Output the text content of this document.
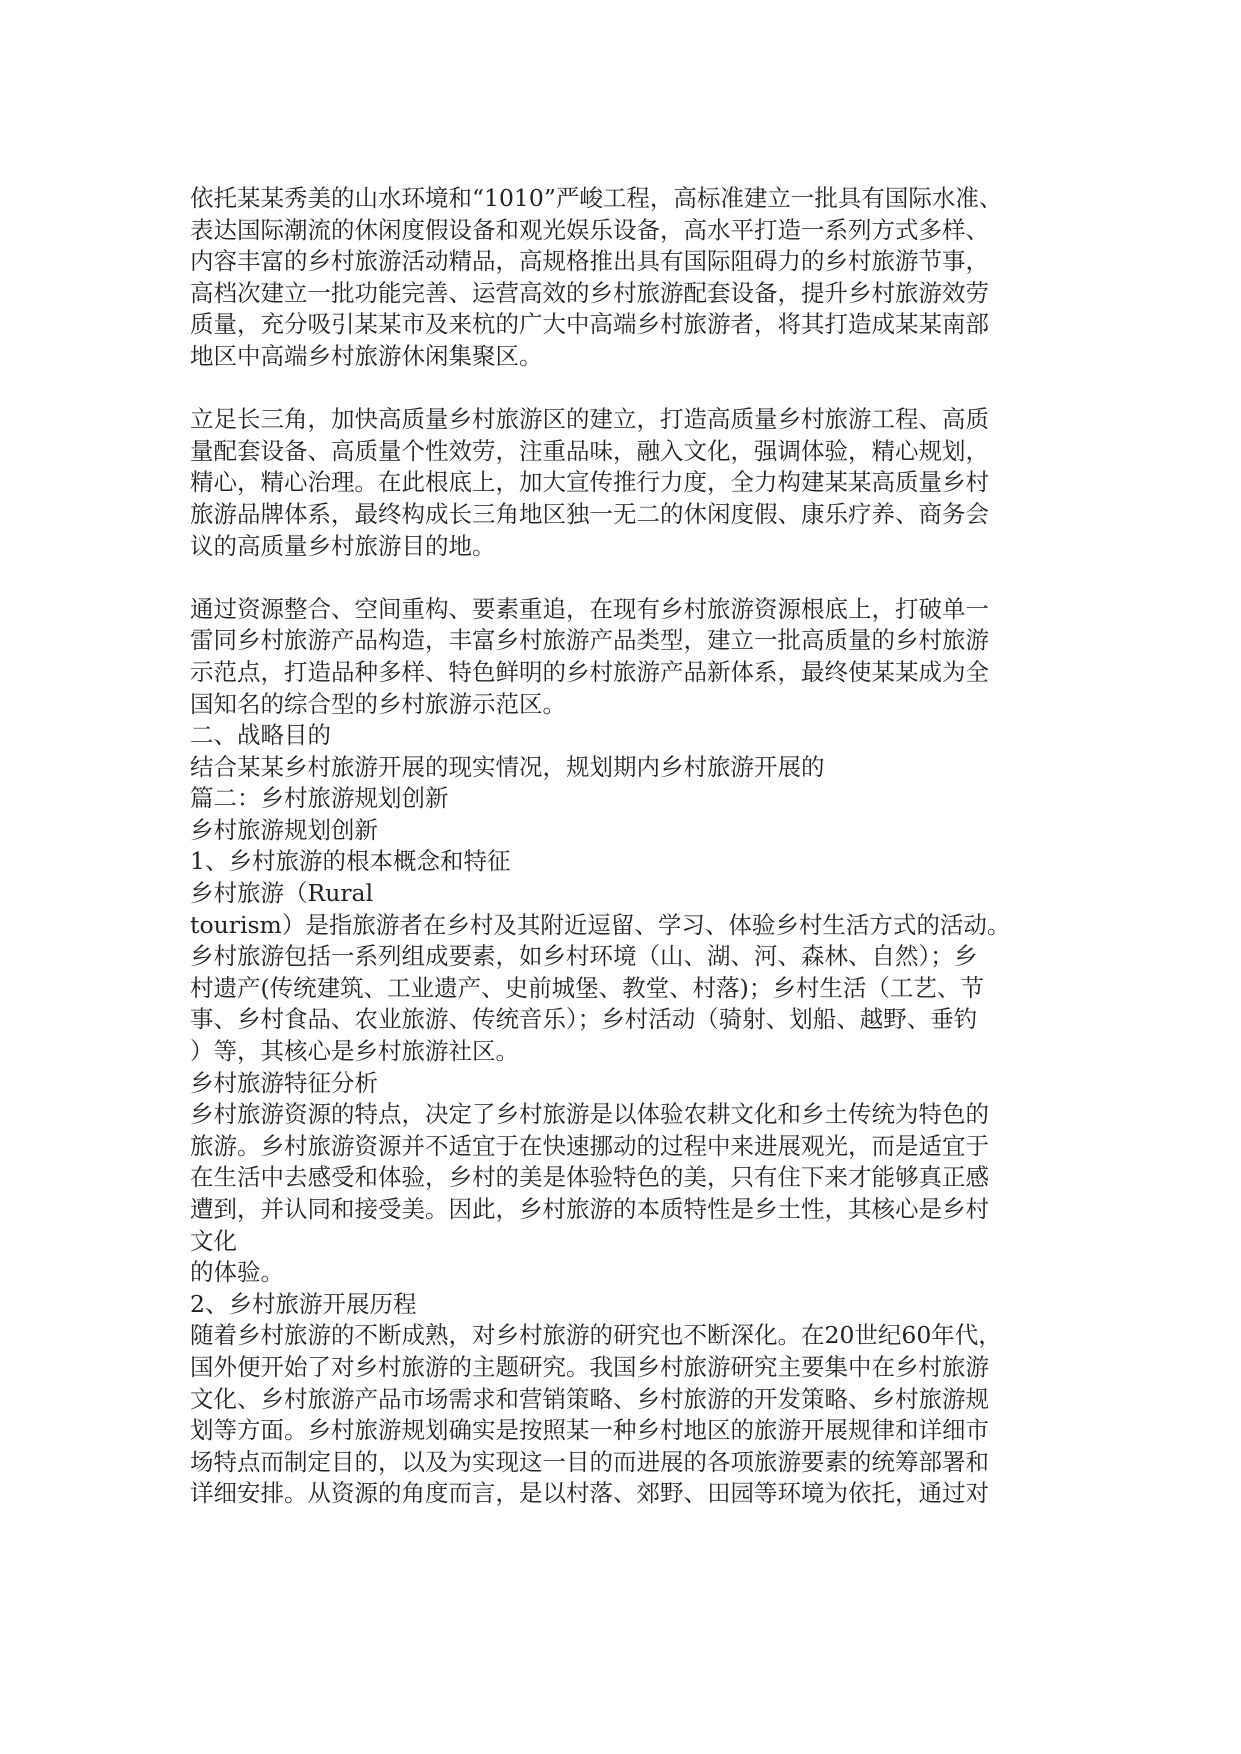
依托某某秀美的山水环境和“1010”严峻工程，高标准建立一批具有国际水准、
表达国际潮流的休闲度假设备和观光娱乐设备，高水平打造一系列方式多样、
内容丰富的乡村旅游活动精品，高规格推出具有国际阻碍力的乡村旅游节事，
高档次建立一批功能完善、运营高效的乡村旅游配套设备，提升乡村旅游效劳
质量，充分吸引某某市及来杭的广大中高端乡村旅游者，将其打造成某某南部
地区中高端乡村旅游休闲集聚区。
立足长三角，加快高质量乡村旅游区的建立，打造高质量乡村旅游工程、高质
量配套设备、高质量个性效劳，注重品味，融入文化，强调体验，精心规划，
精心，精心治理。在此根底上，加大宣传推行力度，全力构建某某高质量乡村
旅游品牌体系，最终构成长三角地区独一无二的休闲度假、康乐疗养、商务会
议的高质量乡村旅游目的地。
通过资源整合、空间重构、要素重追，在现有乡村旅游资源根底上，打破单一
雷同乡村旅游产品构造，丰富乡村旅游产品类型，建立一批高质量的乡村旅游
示范点，打造品种多样、特色鲜明的乡村旅游产品新体系，最终使某某成为全
国知名的综合型的乡村旅游示范区。
二、战略目的
结合某某乡村旅游开展的现实情况，规划期内乡村旅游开展的
篇二：乡村旅游规划创新
乡村旅游规划创新
1、乡村旅游的根本概念和特征
乡村旅游（Rural
tourism）是指旅游者在乡村及其附近逗留、学习、体验乡村生活方式的活动。
乡村旅游包括一系列组成要素，如乡村环境（山、湖、河、森林、自然）；乡
村遗产(传统建筑、工业遗产、史前城堡、教堂、村落)；乡村生活（工艺、节
事、乡村食品、农业旅游、传统音乐）；乡村活动（骑射、划船、越野、垂钓
）等，其核心是乡村旅游社区。
乡村旅游特征分析
乡村旅游资源的特点，决定了乡村旅游是以体验农耕文化和乡土传统为特色的
旅游。乡村旅游资源并不适宜于在快速挪动的过程中来进展观光，而是适宜于
在生活中去感受和体验，乡村的美是体验特色的美，只有住下来才能够真正感
遭到，并认同和接受美。因此，乡村旅游的本质特性是乡土性，其核心是乡村
文化
的体验。
2、乡村旅游开展历程
随着乡村旅游的不断成熟，对乡村旅游的研究也不断深化。在20世纪60年代，
国外便开始了对乡村旅游的主题研究。我国乡村旅游研究主要集中在乡村旅游
文化、乡村旅游产品市场需求和营销策略、乡村旅游的开发策略、乡村旅游规
划等方面。乡村旅游规划确实是按照某一种乡村地区的旅游开展规律和详细市
场特点而制定目的，以及为实现这一目的而进展的各项旅游要素的统筹部署和
详细安排。从资源的角度而言，是以村落、郊野、田园等环境为依托，通过对
